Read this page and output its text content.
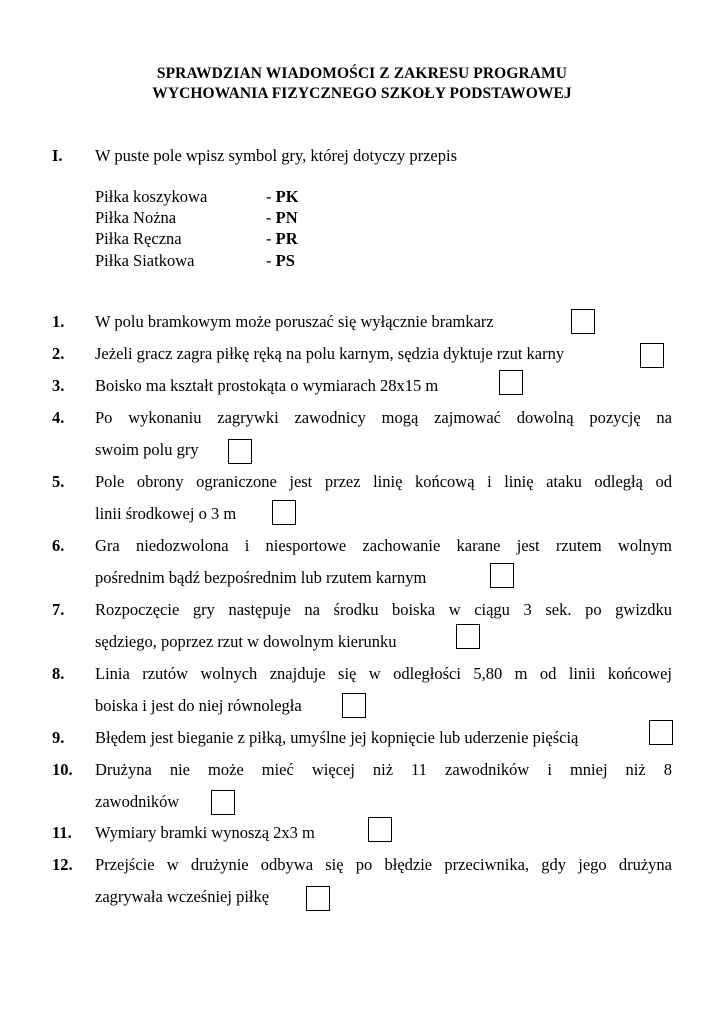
SPRAWDZIAN WIADOMOŚCI Z ZAKRESU PROGRAMU
WYCHOWANIA FIZYCZNEGO SZKOŁY PODSTAWOWEJ
I. W puste pole wpisz symbol gry, której dotyczy przepis
Piłka koszykowa	- PK
Piłka Nożna	- PN
Piłka Ręczna	- PR
Piłka Siatkowa	- PS
1. W polu bramkowym może poruszać się wyłącznie bramkarz
2. Jeżeli gracz zagra piłkę ręką na polu karnym, sędzia dyktuje rzut karny
3. Boisko ma kształt prostokąta o wymiarach 28x15 m
4. Po wykonaniu zagrywki zawodnicy mogą zajmować dowolną pozycję na
swoim polu gry
5. Pole obrony ograniczone jest przez linię końcową i linię ataku odległą od
linii środkowej o 3 m
6. Gra niedozwolona i niesportowe zachowanie karane jest rzutem wolnym
pośrednim bądź bezpośrednim lub rzutem karnym
7. Rozpoczęcie gry następuje na środku boiska w ciągu 3 sek. po gwizdku
sędziego, poprzez rzut w dowolnym kierunku
8. Linia rzutów wolnych znajduje się w odległości 5,80 m od linii końcowej
boiska i jest do niej równoległa
9. Błędem jest bieganie z piłką, umyślne jej kopnięcie lub uderzenie pięścią
10. Drużyna nie może mieć więcej niż 11 zawodników i mniej niż 8
zawodników
11. Wymiary bramki wynoszą 2x3 m
12. Przejście w drużynie odbywa się po błędzie przeciwnika, gdy jego drużyna
zagrywała wcześniej piłkę
